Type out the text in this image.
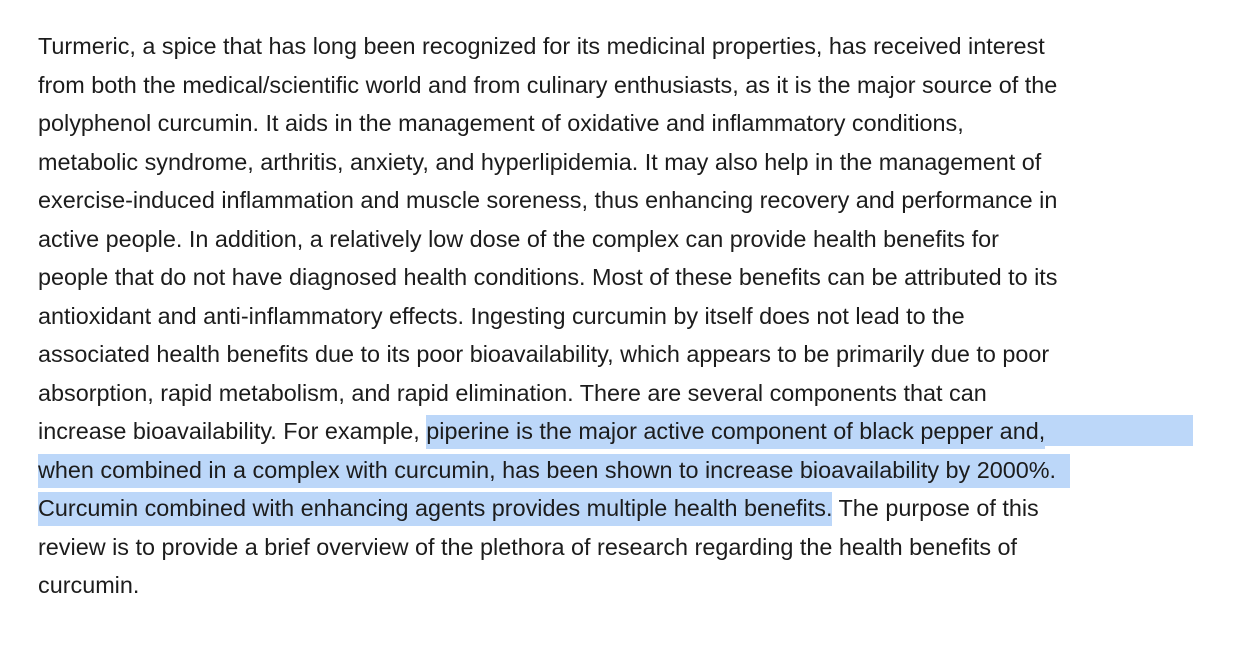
Turmeric, a spice that has long been recognized for its medicinal properties, has received interest
from both the medical/scientific world and from culinary enthusiasts, as it is the major source of the
polyphenol curcumin. It aids in the management of oxidative and inflammatory conditions,
metabolic syndrome, arthritis, anxiety, and hyperlipidemia. It may also help in the management of
exercise-induced inflammation and muscle soreness, thus enhancing recovery and performance in
active people. In addition, a relatively low dose of the complex can provide health benefits for
people that do not have diagnosed health conditions. Most of these benefits can be attributed to its
antioxidant and anti-inflammatory effects. Ingesting curcumin by itself does not lead to the
associated health benefits due to its poor bioavailability, which appears to be primarily due to poor
absorption, rapid metabolism, and rapid elimination. There are several components that can
increase bioavailability. For example, piperine is the major active component of black pepper and,
when combined in a complex with curcumin, has been shown to increase bioavailability by 2000%.
Curcumin combined with enhancing agents provides multiple health benefits. The purpose of this
review is to provide a brief overview of the plethora of research regarding the health benefits of
curcumin.
